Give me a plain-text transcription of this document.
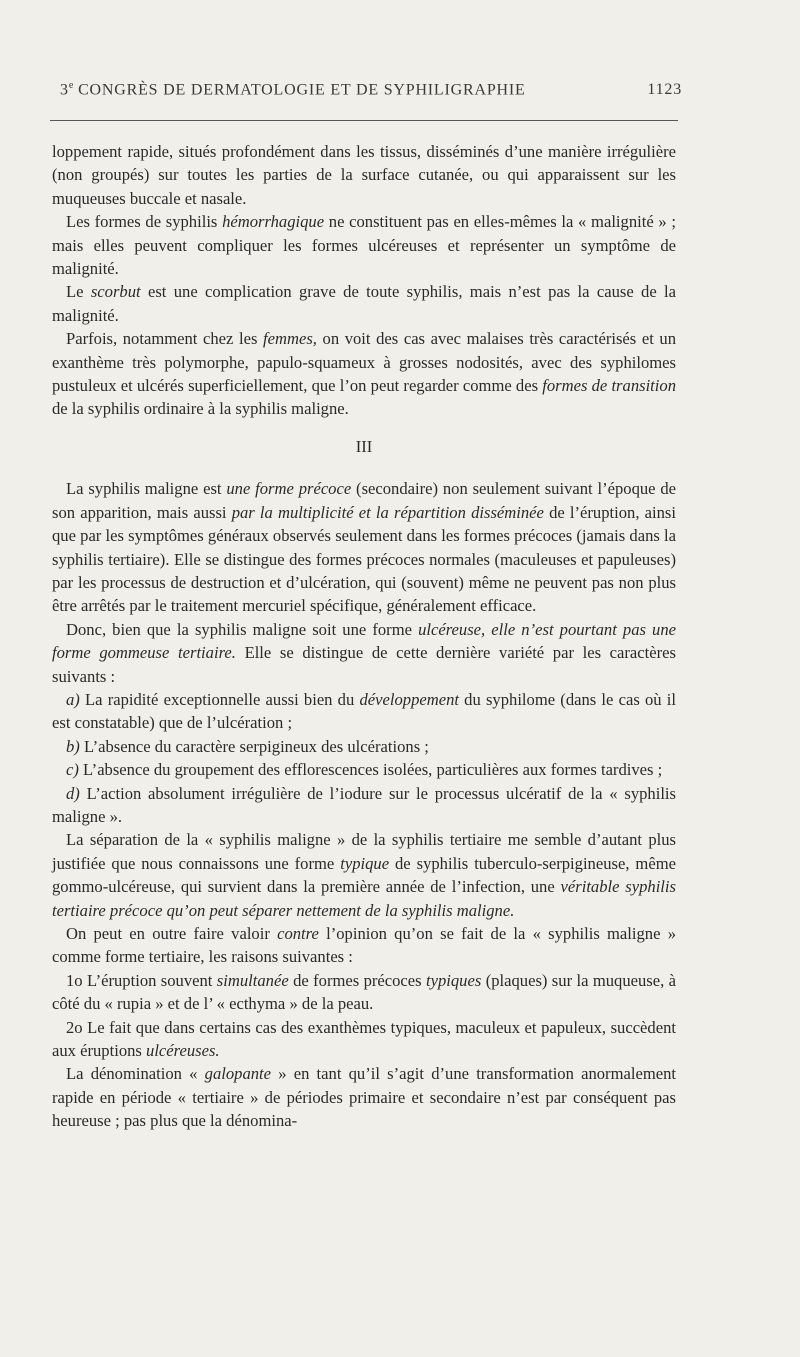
3e CONGRÈS DE DERMATOLOGIE ET DE SYPHILIGRAPHIE	1123

loppement rapide, situés profondément dans les tissus, disséminés d’une manière irrégulière (non groupés) sur toutes les parties de la surface cutanée, ou qui apparaissent sur les muqueuses buccale et nasale.

Les formes de syphilis hémorrhagique ne constituent pas en elles-mêmes la « malignité » ; mais elles peuvent compliquer les formes ulcéreuses et représenter un symptôme de malignité.

Le scorbut est une complication grave de toute syphilis, mais n’est pas la cause de la malignité.

Parfois, notamment chez les femmes, on voit des cas avec malaises très caractérisés et un exanthème très polymorphe, papulo-squameux à grosses nodosités, avec des syphilomes pustuleux et ulcérés superficiellement, que l’on peut regarder comme des formes de transition de la syphilis ordinaire à la syphilis maligne.

III

La syphilis maligne est une forme précoce (secondaire) non seulement suivant l’époque de son apparition, mais aussi par la multiplicité et la répartition disséminée de l’éruption, ainsi que par les symptômes généraux observés seulement dans les formes précoces (jamais dans la syphilis tertiaire). Elle se distingue des formes précoces normales (maculeuses et papuleuses) par les processus de destruction et d’ulcération, qui (souvent) même ne peuvent pas non plus être arrêtés par le traitement mercuriel spécifique, généralement efficace.

Donc, bien que la syphilis maligne soit une forme ulcéreuse, elle n’est pourtant pas une forme gommeuse tertiaire. Elle se distingue de cette dernière variété par les caractères suivants :

a) La rapidité exceptionnelle aussi bien du développement du syphilome (dans le cas où il est constatable) que de l’ulcération ;

b) L’absence du caractère serpigineux des ulcérations ;

c) L’absence du groupement des efflorescences isolées, particulières aux formes tardives ;

d) L’action absolument irrégulière de l’iodure sur le processus ulcératif de la « syphilis maligne ».

La séparation de la « syphilis maligne » de la syphilis tertiaire me semble d’autant plus justifiée que nous connaissons une forme typique de syphilis tuberculo-serpigineuse, même gommo-ulcéreuse, qui survient dans la première année de l’infection, une véritable syphilis tertiaire précoce qu’on peut séparer nettement de la syphilis maligne.

On peut en outre faire valoir contre l’opinion qu’on se fait de la « syphilis maligne » comme forme tertiaire, les raisons suivantes :

1o L’éruption souvent simultanée de formes précoces typiques (plaques) sur la muqueuse, à côté du « rupia » et de l’ « ecthyma » de la peau.

2o Le fait que dans certains cas des exanthèmes typiques, maculeux et papuleux, succèdent aux éruptions ulcéreuses.

La dénomination « galopante » en tant qu’il s’agit d’une transformation anormalement rapide en période « tertiaire » de périodes primaire et secondaire n’est par conséquent pas heureuse ; pas plus que la dénomina-
